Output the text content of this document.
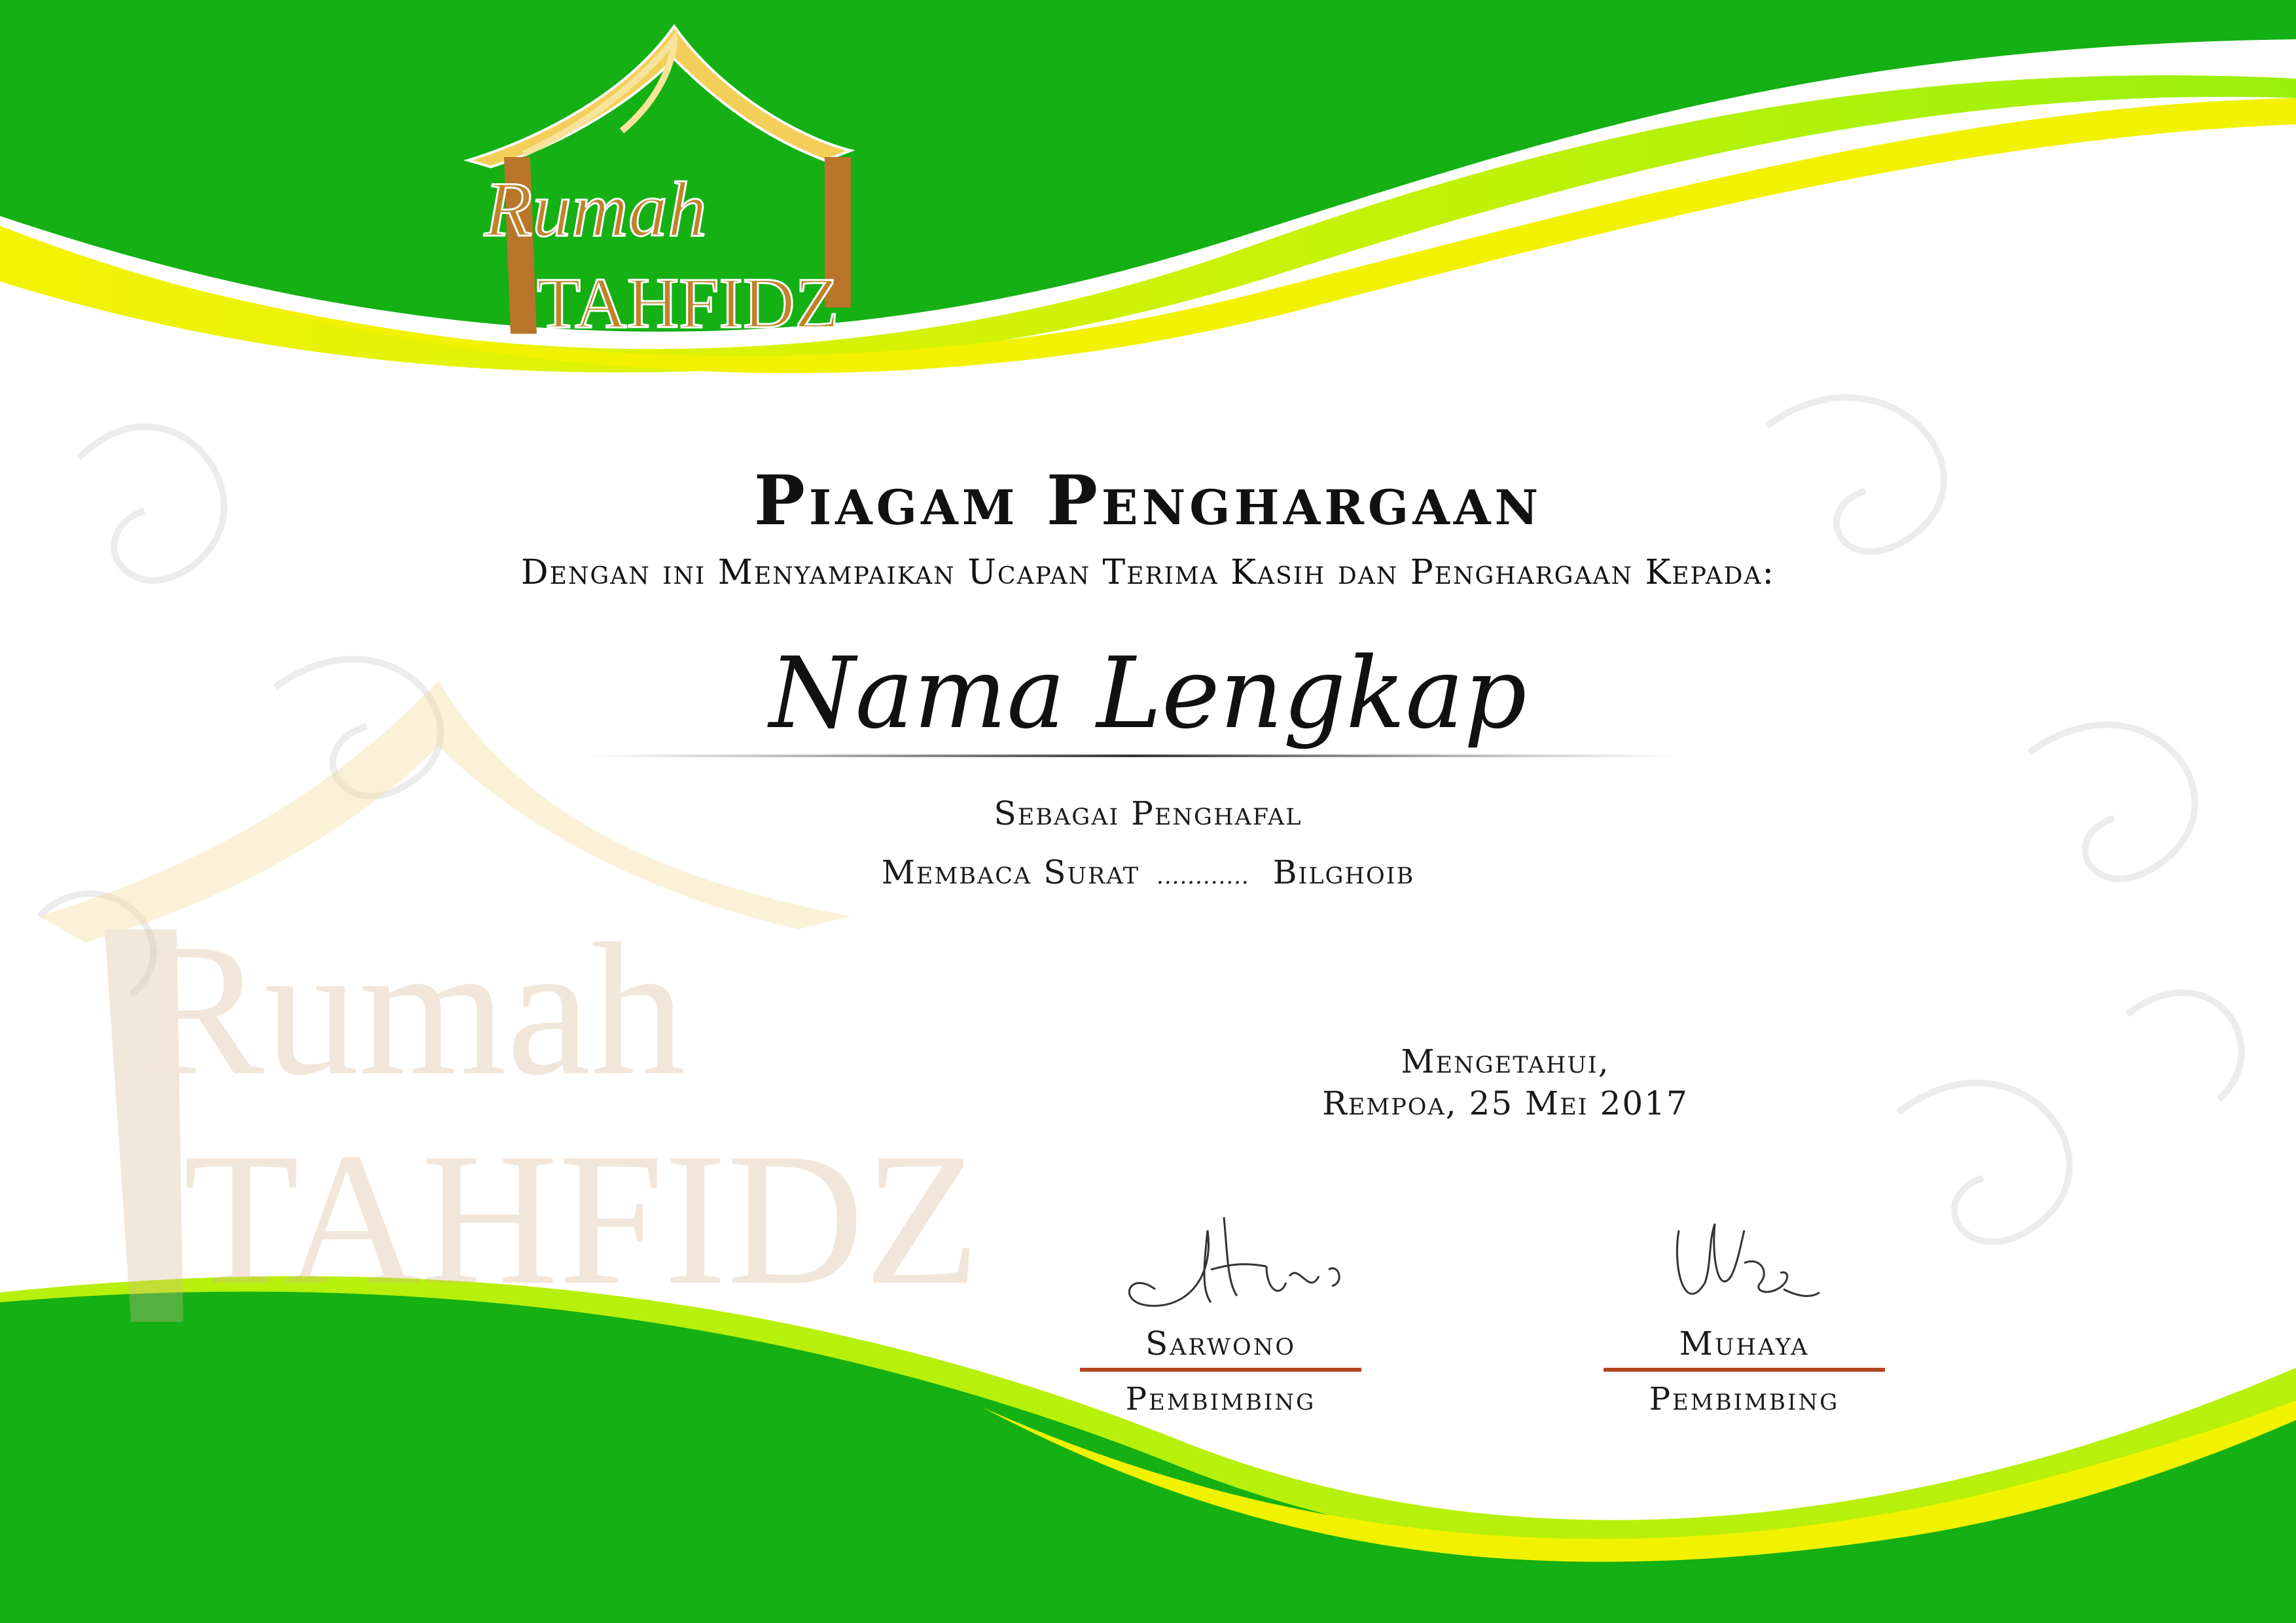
Rumah
TAHFIDZ
Rumah
TAHFIDZ
Piagam Penghargaan
Dengan ini Menyampaikan Ucapan Terima Kasih dan Penghargaan Kepada:
Nama Lengkap
Sebagai Penghafal
Membaca Surat ............ Bilghoib
Mengetahui,
Rempoa, 25 Mei 2017
Sarwono
Pembimbing
Muhaya
Pembimbing
